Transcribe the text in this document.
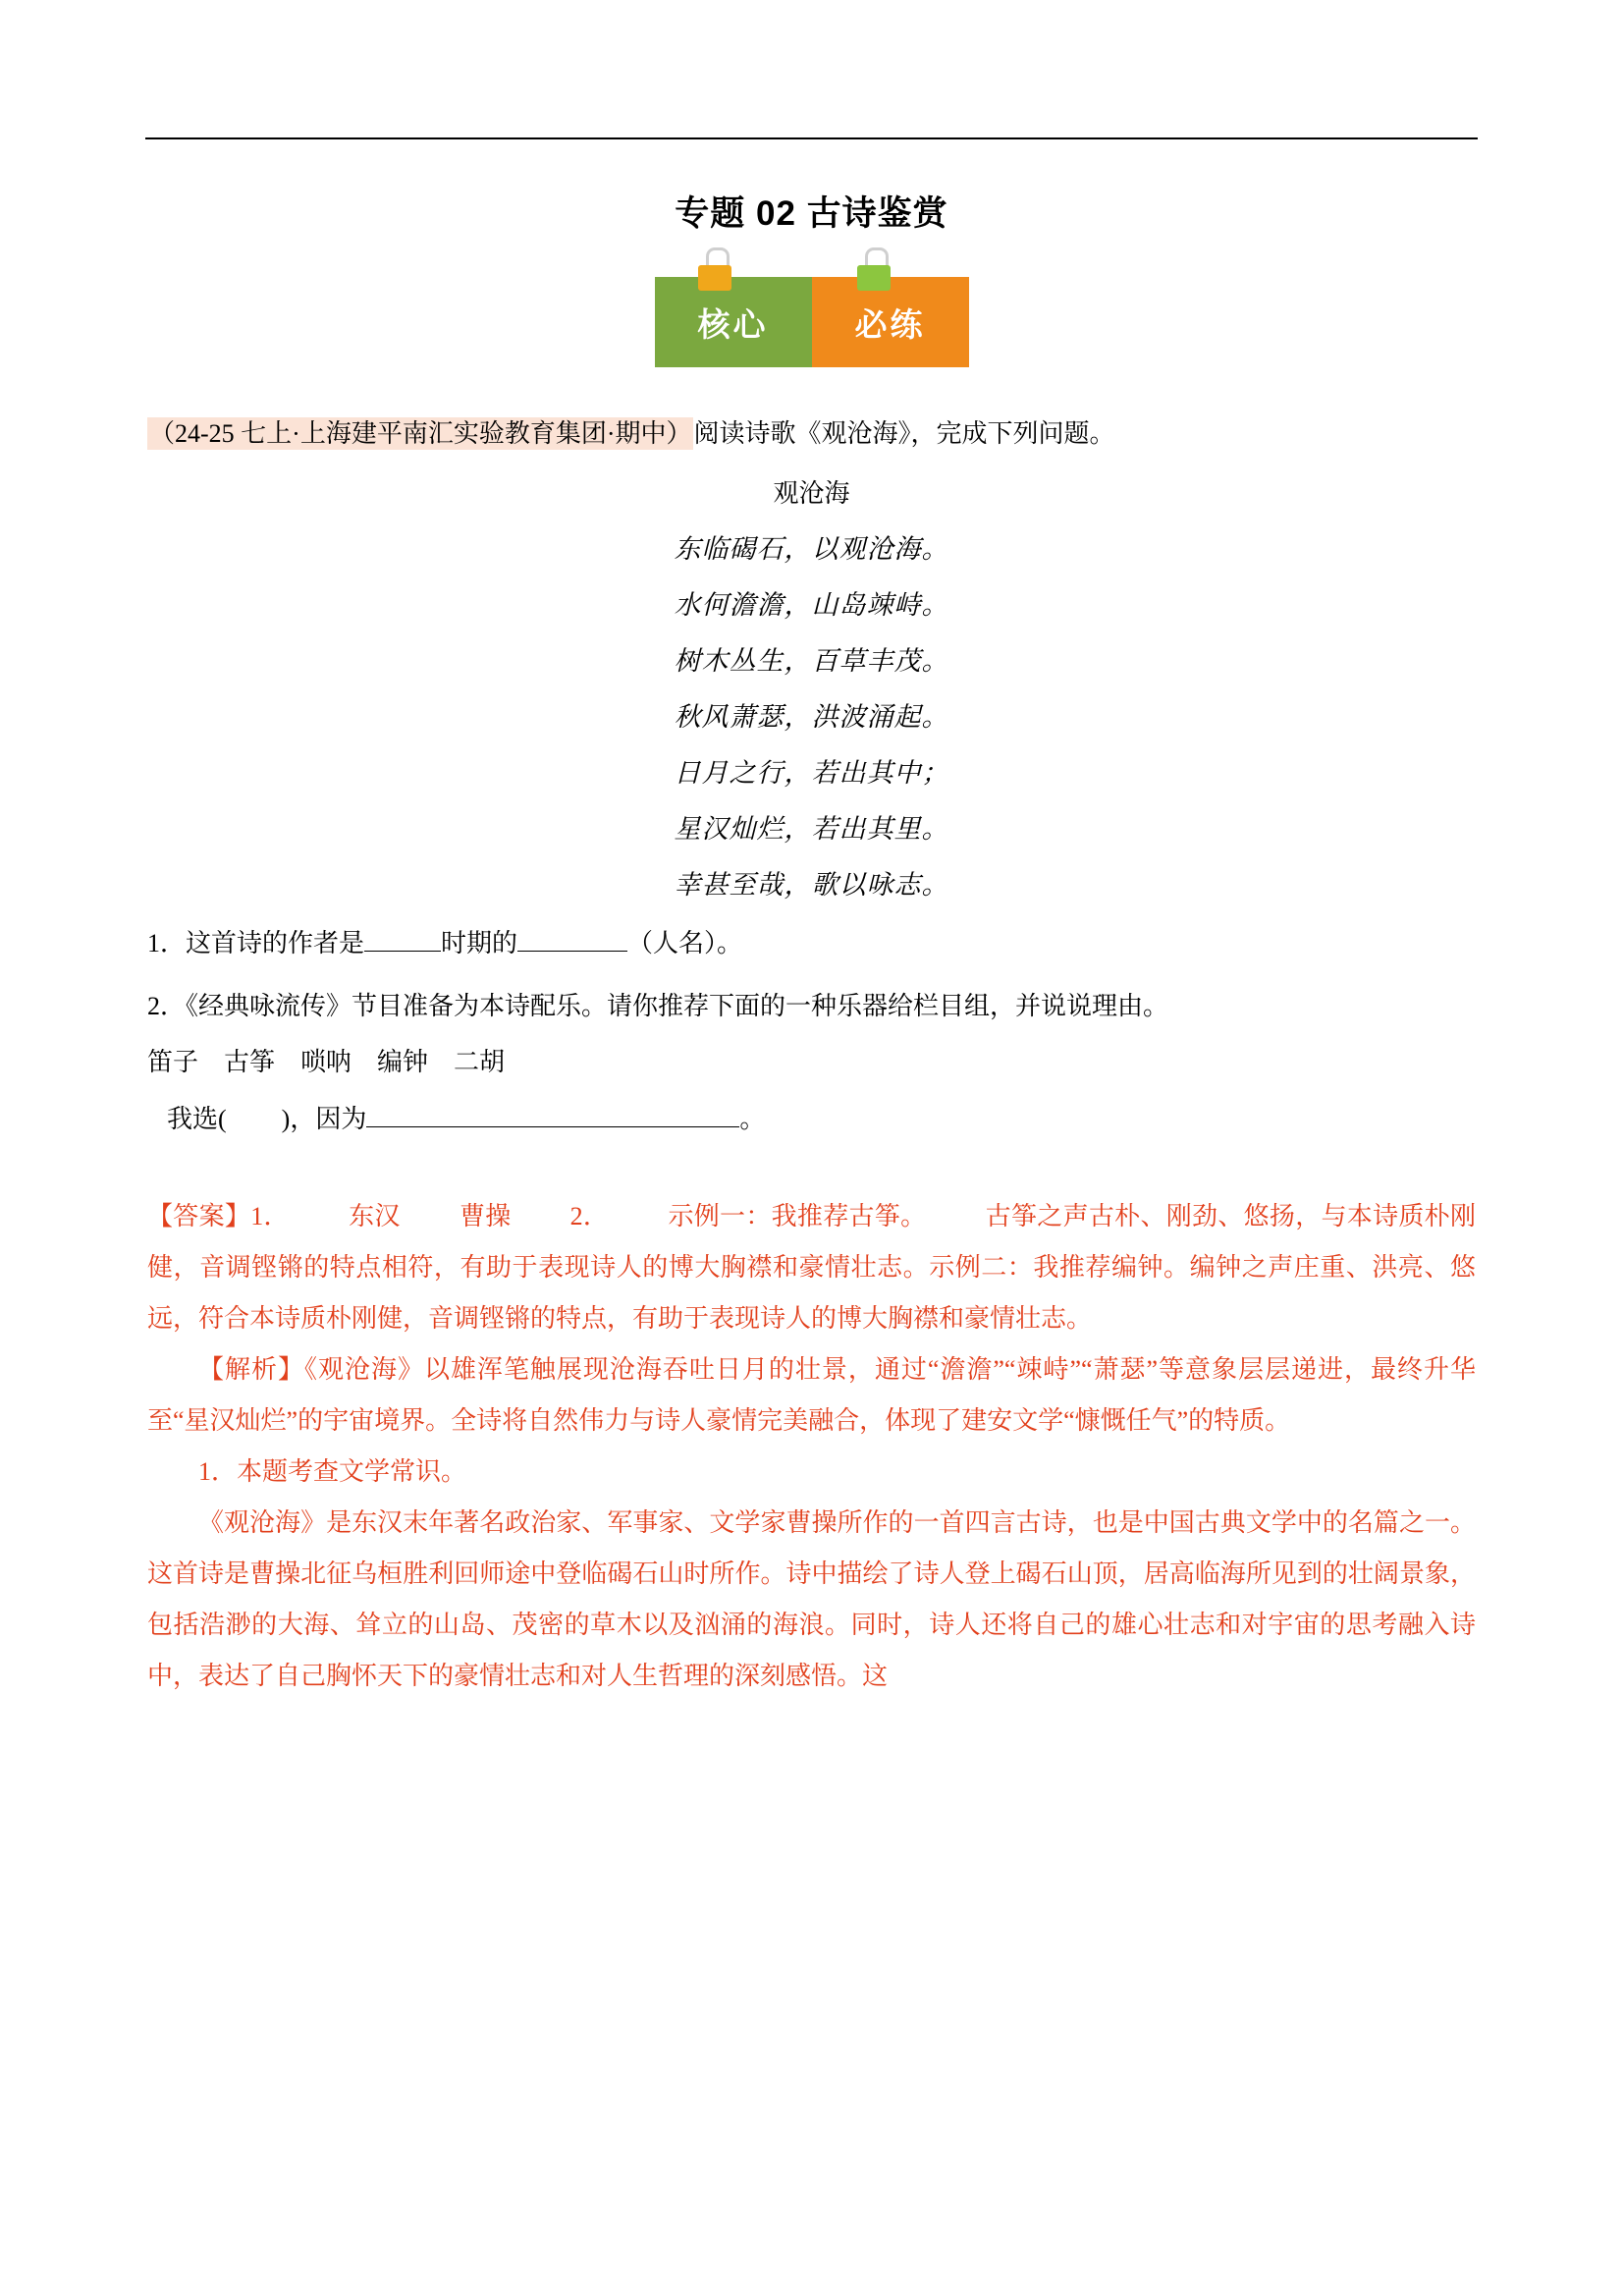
专题 02 古诗鉴赏
核心	必练
（24-25 七上·上海建平南汇实验教育集团·期中）阅读诗歌《观沧海》，完成下列问题。
观沧海
东临碣石，以观沧海。
水何澹澹，山岛竦峙。
树木丛生，百草丰茂。
秋风萧瑟，洪波涌起。
日月之行，若出其中；
星汉灿烂，若出其里。
幸甚至哉，歌以咏志。
1．这首诗的作者是	时期的	（人名）。
2．《经典咏流传》节目准备为本诗配乐。请你推荐下面的一种乐器给栏目组，并说说理由。
笛子　古筝　唢呐　编钟　二胡
我选( )，因为	。

【答案】1． 东汉 曹操 2． 示例一：我推荐古筝。 古筝之声古朴、刚劲、悠扬，与本诗质朴刚健，音调铿锵的特点相符，有助于表现诗人的博大胸襟和豪情壮志。示例二：我推荐编钟。编钟之声庄重、洪亮、悠远，符合本诗质朴刚健，音调铿锵的特点，有助于表现诗人的博大胸襟和豪情壮志。

【解析】《观沧海》以雄浑笔触展现沧海吞吐日月的壮景，通过“澹澹”“竦峙”“萧瑟”等意象层层递进，最终升华至“星汉灿烂”的宇宙境界。全诗将自然伟力与诗人豪情完美融合，体现了建安文学“慷慨任气”的特质。

1．本题考查文学常识。

《观沧海》是东汉末年著名政治家、军事家、文学家曹操所作的一首四言古诗，也是中国古典文学中的名篇之一。这首诗是曹操北征乌桓胜利回师途中登临碣石山时所作。诗中描绘了诗人登上碣石山顶，居高临海所见到的壮阔景象，包括浩渺的大海、耸立的山岛、茂密的草木以及汹涌的海浪。同时，诗人还将自己的雄心壮志和对宇宙的思考融入诗中，表达了自己胸怀天下的豪情壮志和对人生哲理的深刻感悟。这
